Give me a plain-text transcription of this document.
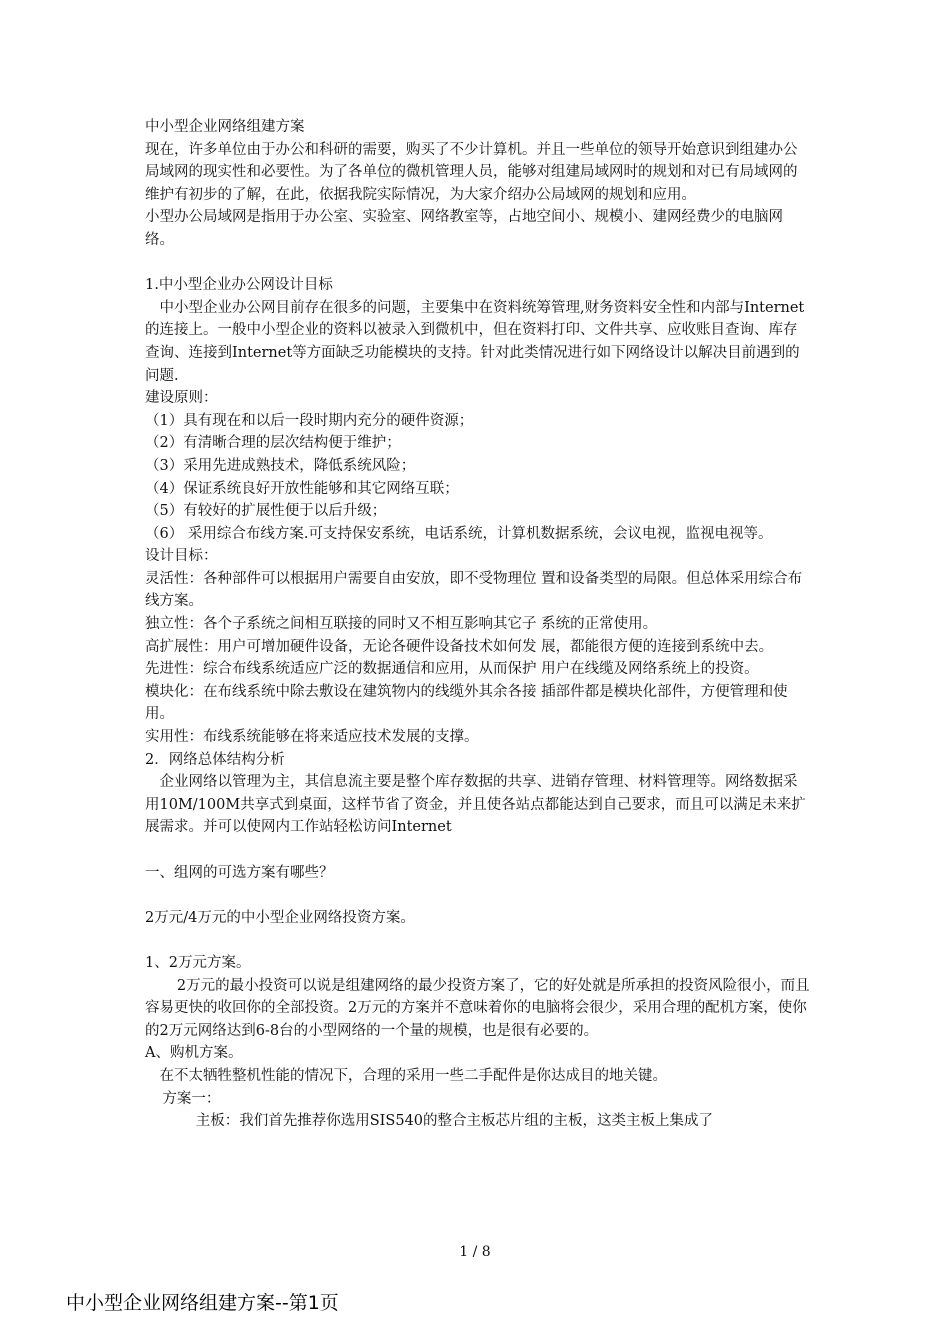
中小型企业网络组建方案

现在，许多单位由于办公和科研的需要，购买了不少计算机。并且一些单位的领导开始意识到组建办公局域网的现实性和必要性。为了各单位的微机管理人员，能够对组建局域网时的规划和对已有局域网的维护有初步的了解，在此，依据我院实际情况，为大家介绍办公局域网的规划和应用。

小型办公局域网是指用于办公室、实验室、网络教室等，占地空间小、规模小、建网经费少的电脑网络。

1.中小型企业办公网设计目标

中小型企业办公网目前存在很多的问题，主要集中在资料统筹管理,财务资料安全性和内部与Internet的连接上。一般中小型企业的资料以被录入到微机中，但在资料打印、文件共享、应收账目查询、库存查询、连接到Internet等方面缺乏功能模块的支持。针对此类情况进行如下网络设计以解决目前遇到的问题.

建设原则：

（1）具有现在和以后一段时期内充分的硬件资源；

（2）有清晰合理的层次结构便于维护；

（3）采用先进成熟技术，降低系统风险；

（4）保证系统良好开放性能够和其它网络互联；

（5）有较好的扩展性便于以后升级；

（6） 采用综合布线方案.可支持保安系统，电话系统，计算机数据系统，会议电视，监视电视等。

设计目标：

灵活性：各种部件可以根据用户需要自由安放，即不受物理位 置和设备类型的局限。但总体采用综合布线方案。

独立性：各个子系统之间相互联接的同时又不相互影响其它子 系统的正常使用。

高扩展性：用户可增加硬件设备，无论各硬件设备技术如何发 展，都能很方便的连接到系统中去。

先进性：综合布线系统适应广泛的数据通信和应用，从而保护 用户在线缆及网络系统上的投资。

模块化：在布线系统中除去敷设在建筑物内的线缆外其余各接 插部件都是模块化部件，方便管理和使用。

实用性：布线系统能够在将来适应技术发展的支撑。

2．网络总体结构分析

企业网络以管理为主，其信息流主要是整个库存数据的共享、进销存管理、材料管理等。网络数据采用10M/100M共享式到桌面，这样节省了资金，并且使各站点都能达到自己要求，而且可以满足未来扩展需求。并可以使网内工作站轻松访问Internet

一、组网的可选方案有哪些？

2万元/4万元的中小型企业网络投资方案。

1、2万元方案。

2万元的最小投资可以说是组建网络的最少投资方案了，它的好处就是所承担的投资风险很小，而且容易更快的收回你的全部投资。2万元的方案并不意味着你的电脑将会很少，采用合理的配机方案，使你的2万元网络达到6-8台的小型网络的一个量的规模，也是很有必要的。

A、购机方案。

在不太牺牲整机性能的情况下，合理的采用一些二手配件是你达成目的地关键。

方案一：

主板：我们首先推荐你选用SIS540的整合主板芯片组的主板，这类主板上集成了

1 / 8
中小型企业网络组建方案--第1页
